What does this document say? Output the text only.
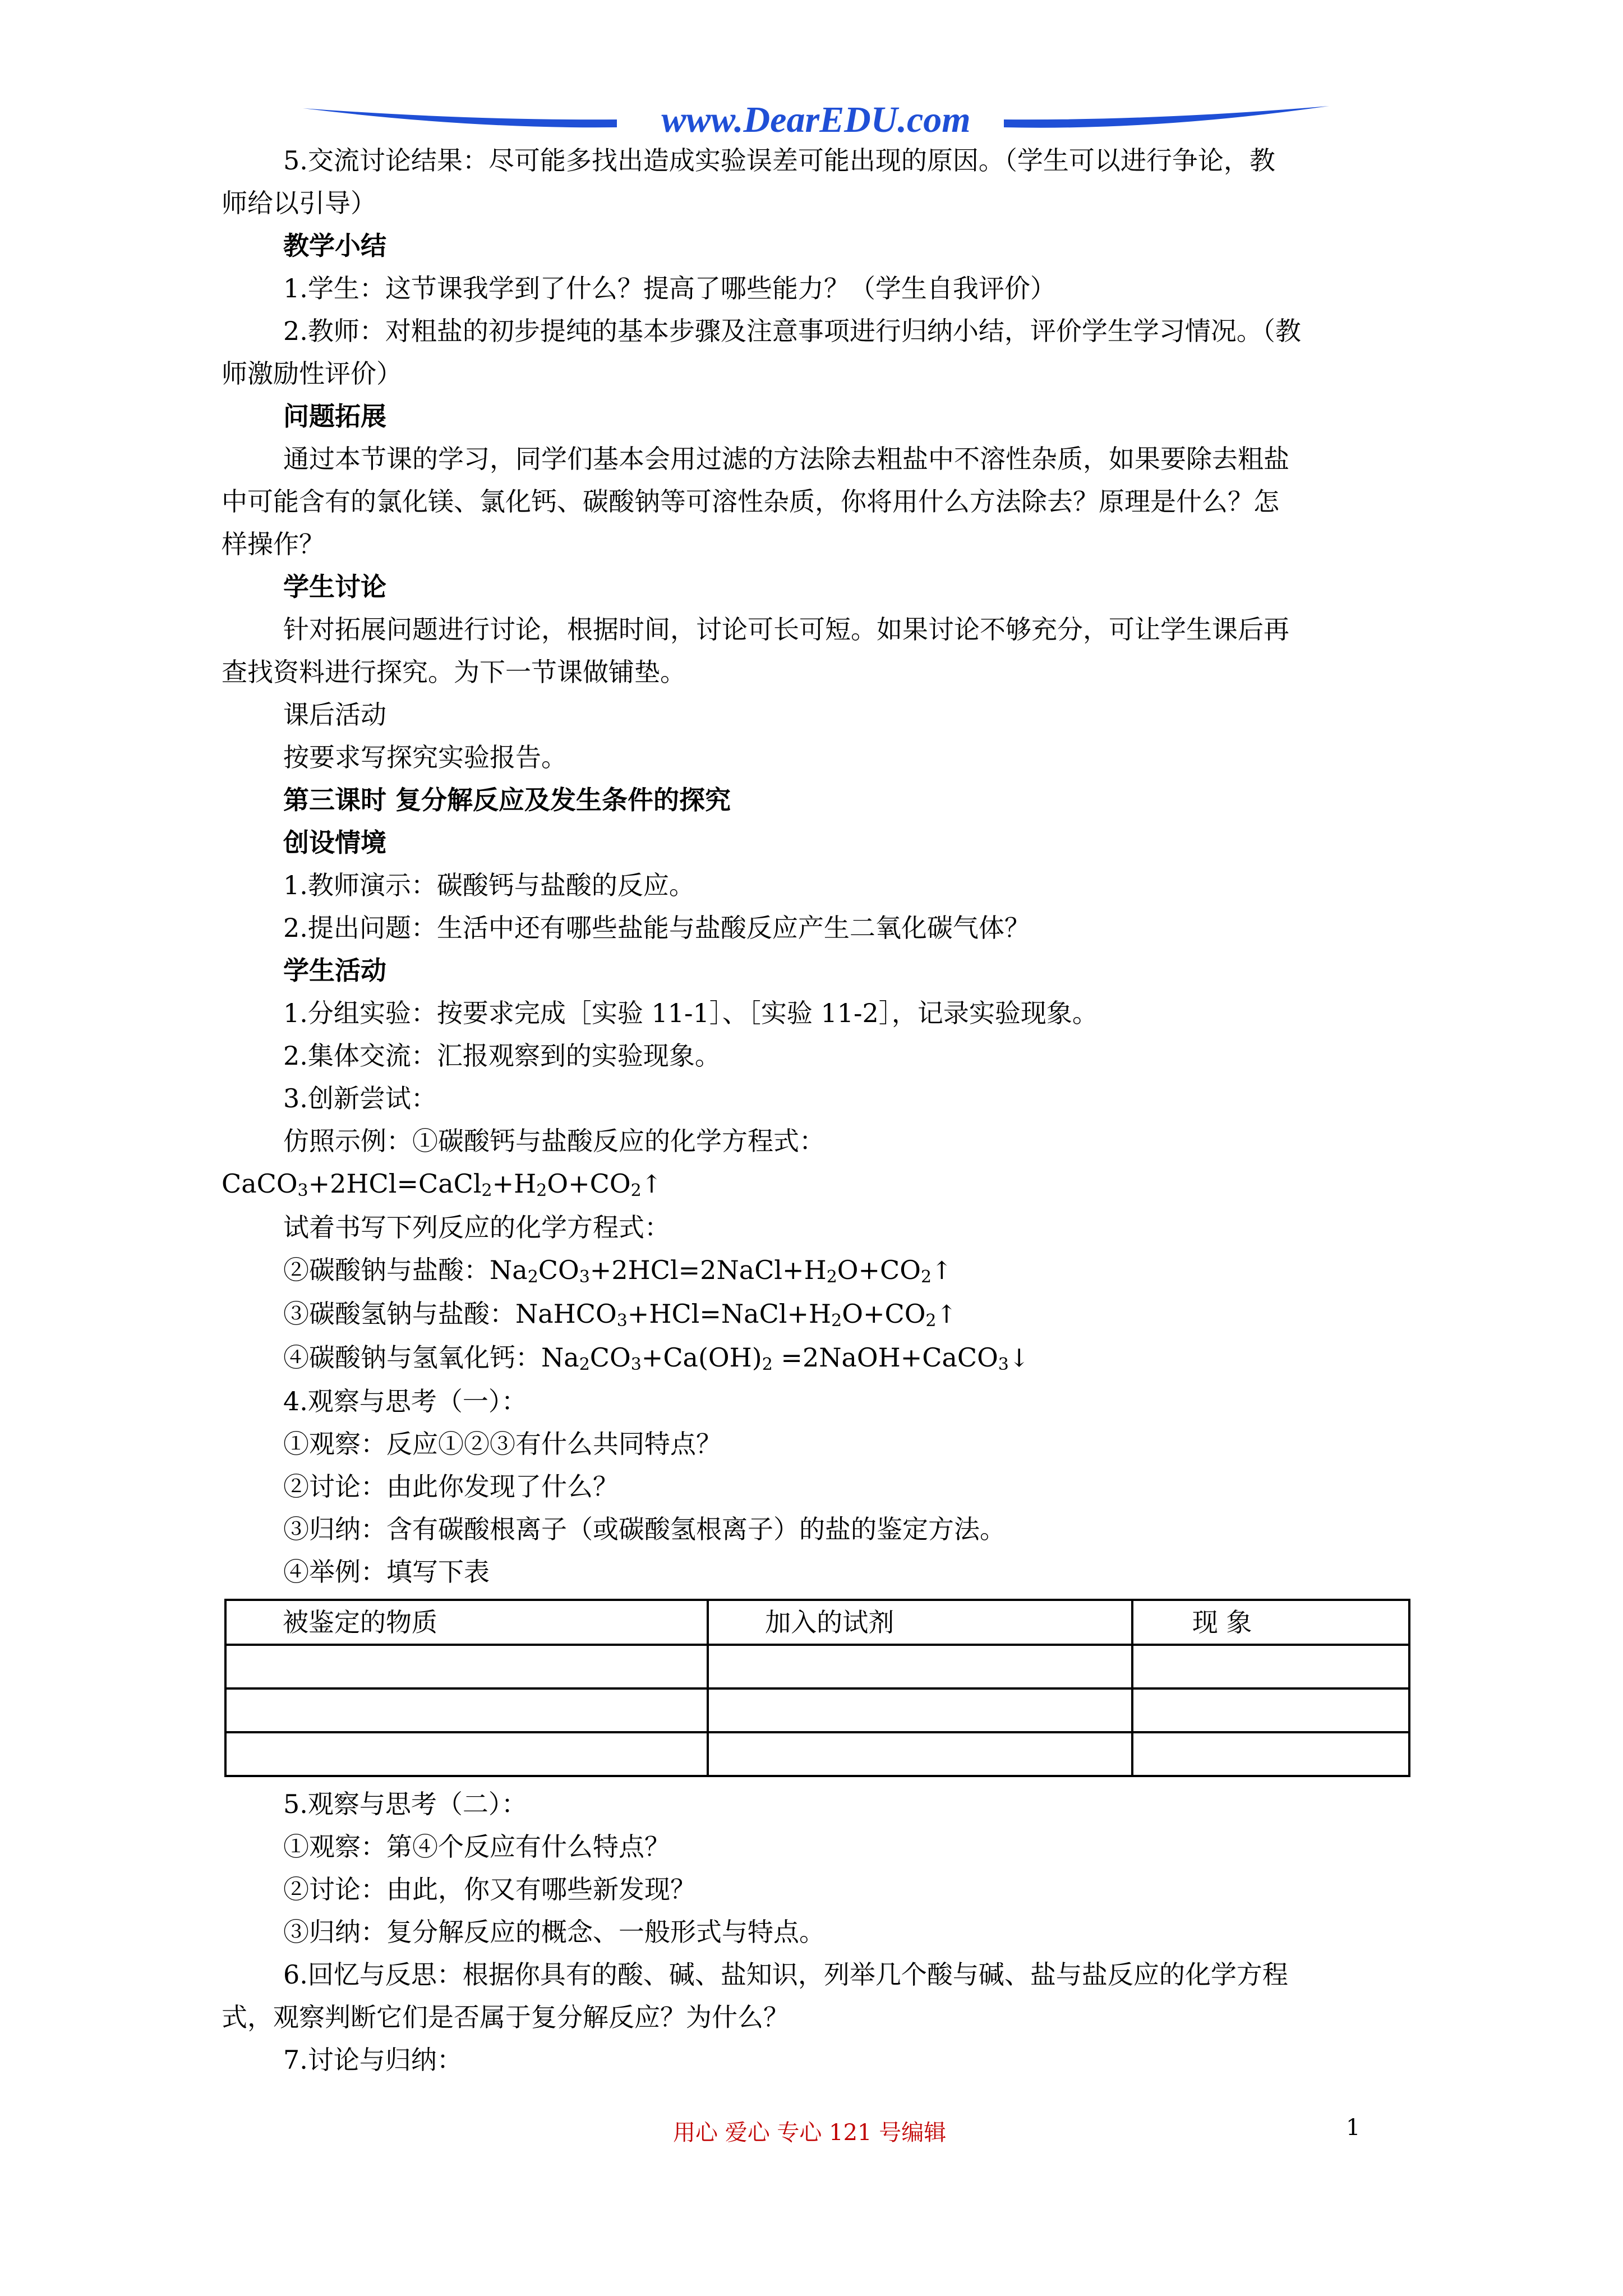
www.DearEDU.com

5.交流讨论结果：尽可能多找出造成实验误差可能出现的原因。（学生可以进行争论，教

师给以引导）

教学小结

1.学生：这节课我学到了什么？提高了哪些能力？（学生自我评价）

2.教师：对粗盐的初步提纯的基本步骤及注意事项进行归纳小结，评价学生学习情况。（教

师激励性评价）

问题拓展

通过本节课的学习，同学们基本会用过滤的方法除去粗盐中不溶性杂质，如果要除去粗盐

中可能含有的氯化镁、氯化钙、碳酸钠等可溶性杂质，你将用什么方法除去？原理是什么？怎

样操作？

学生讨论

针对拓展问题进行讨论，根据时间，讨论可长可短。如果讨论不够充分，可让学生课后再

查找资料进行探究。为下一节课做铺垫。

课后活动

按要求写探究实验报告。

第三课时 复分解反应及发生条件的探究

创设情境

1.教师演示：碳酸钙与盐酸的反应。

2.提出问题：生活中还有哪些盐能与盐酸反应产生二氧化碳气体？

学生活动

1.分组实验：按要求完成［实验 11-1］、［实验 11-2］，记录实验现象。

2.集体交流：汇报观察到的实验现象。

3.创新尝试：

仿照示例：①碳酸钙与盐酸反应的化学方程式：

$CaCO_3+2HCl=CaCl_2+H_2O+CO_2↑$

试着书写下列反应的化学方程式：

②碳酸钠与盐酸：$Na_2CO_3+2HCl=2NaCl+H_2O+CO_2↑$

③碳酸氢钠与盐酸：$NaHCO_3+HCl=NaCl+H_2O+CO_2↑$

④碳酸钠与氢氧化钙：$Na_2CO_3+Ca(OH)_2$ =2NaOH+CaCO$_3$↓

4.观察与思考（一）：

①观察：反应①②③有什么共同特点？

②讨论：由此你发现了什么？

③归纳：含有碳酸根离子（或碳酸氢根离子）的盐的鉴定方法。

④举例：填写下表

被鉴定的物质	加入的试剂	现 象

5.观察与思考（二）：

①观察：第④个反应有什么特点？

②讨论：由此，你又有哪些新发现？

③归纳：复分解反应的概念、一般形式与特点。

6.回忆与反思：根据你具有的酸、碱、盐知识，列举几个酸与碱、盐与盐反应的化学方程

式，观察判断它们是否属于复分解反应？为什么？

7.讨论与归纳：

用心 爱心 专心 121 号编辑	1
